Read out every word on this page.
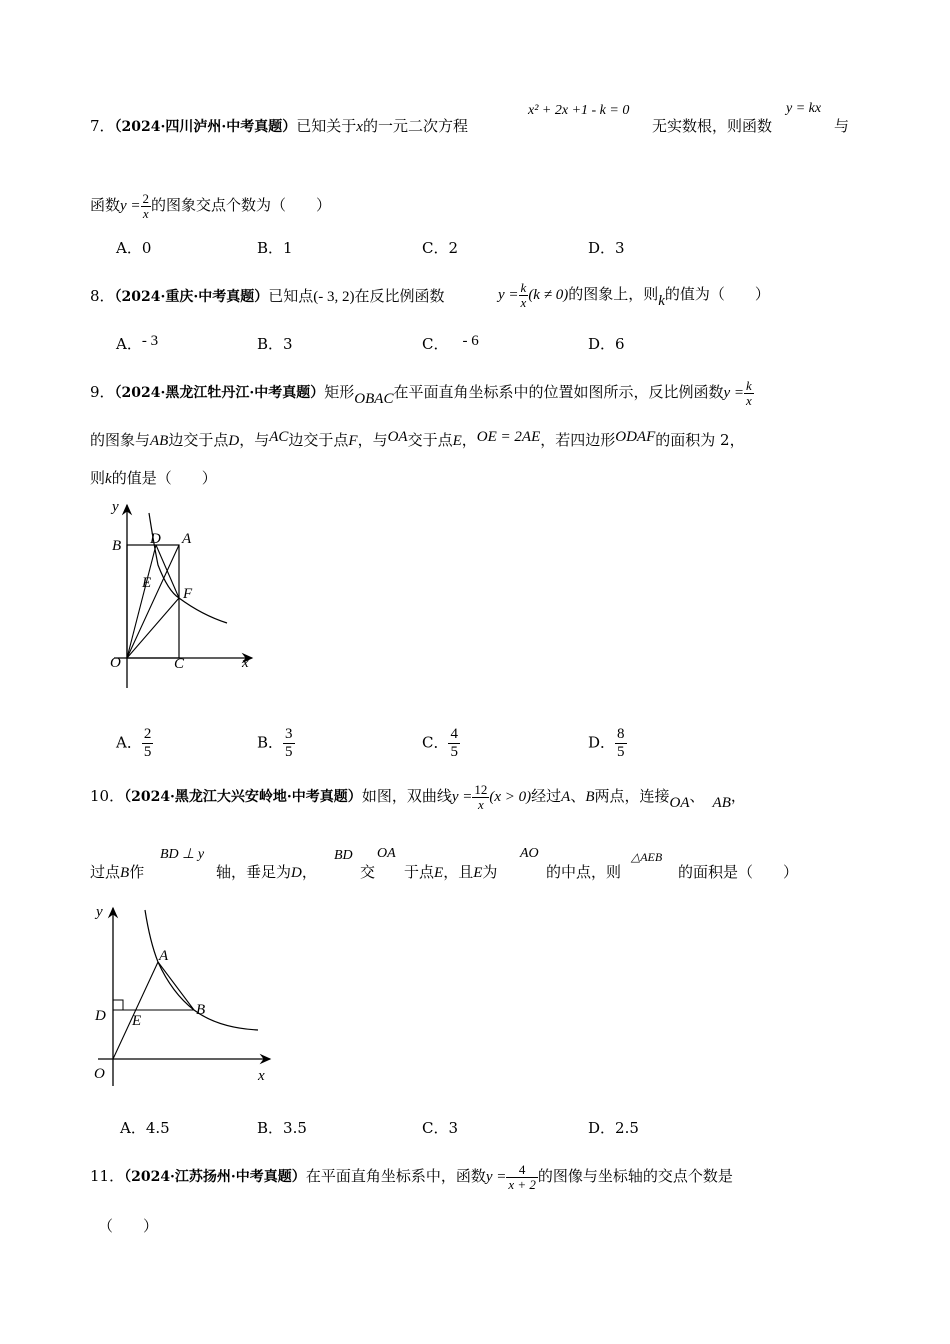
7．（2024·四川泸州·中考真题）已知关于x的一元二次方程
x² + 2x +1 - k = 0
无实数根，则函数
y = kx
与
函数$y = \frac{2}{x}$ 的图象交点个数为（　　）
A．0	B．1	C．2	D．3
8．（2024·重庆·中考真题）已知点(- 3, 2)在反比例函数	$y = \frac{k}{x} (k \ne 0)$的图象上，则k的值为（　　）
A．- 3	B．3	C． - 6	D．6
9．（2024·黑龙江牡丹江·中考真题）矩形OBAC在平面直角坐标系中的位置如图所示，反比例函数$y = \frac{k}{x}$
的图象与AB边交于点D，与AC边交于点F，与OA交于点E，OE = 2AE，若四边形ODAF的面积为 2，
则k的值是（　　）
y
x
O
B	A
C
D
E
F
A． $\frac{2}{5}$	B． $\frac{3}{5}$	C． $\frac{4}{5}$	D． $\frac{8}{5}$
10．（2024·黑龙江大兴安岭地·中考真题）如图，双曲线$y = \frac{12}{x} (x > 0)$经过A、B两点，连接OA、 AB，
过点B作
BD ⊥ y
轴，垂足为D，
BD
交
OA
于点E，且E为
AO
的中点，则
△AEB
的面积是（　　）
y
x
O
D E
A
B
A．4.5	B．3.5	C．3	D．2.5
11．（2024·江苏扬州·中考真题）在平面直角坐标系中，函数$y = \frac{4}{x + 2}$ 的图像与坐标轴的交点个数是
（　　）
